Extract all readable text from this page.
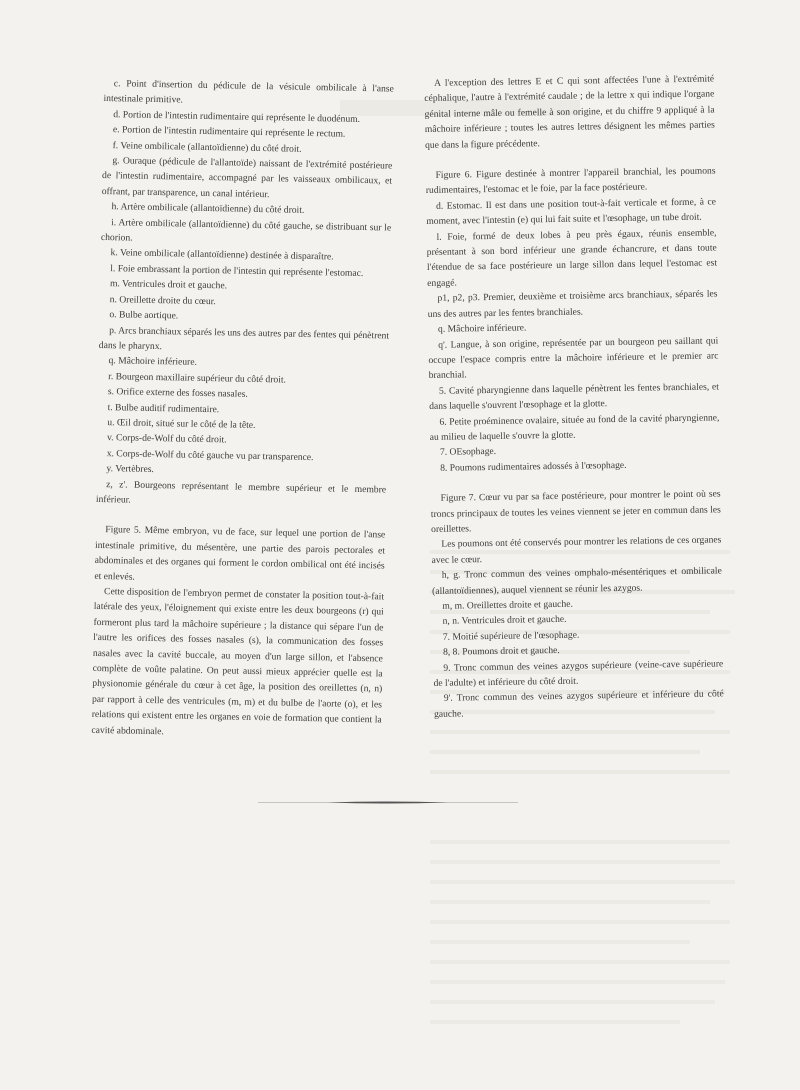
c. Point d'insertion du pédicule de la vésicule ombilicale à l'anse intestinale primitive.

d. Portion de l'intestin rudimentaire qui représente le duodénum.

e. Portion de l'intestin rudimentaire qui représente le rectum.

f. Veine ombilicale (allantoïdienne) du côté droit.

g. Ouraque (pédicule de l'allantoïde) naissant de l'extrémité postérieure de l'intestin rudimentaire, accompagné par les vaisseaux ombilicaux, et offrant, par transparence, un canal intérieur.

h. Artère ombilicale (allantoïdienne) du côté droit.

i. Artère ombilicale (allantoïdienne) du côté gauche, se distribuant sur le chorion.

k. Veine ombilicale (allantoïdienne) destinée à disparaître.

l. Foie embrassant la portion de l'intestin qui représente l'estomac.

m. Ventricules droit et gauche.

n. Oreillette droite du cœur.

o. Bulbe aortique.

p. Arcs branchiaux séparés les uns des autres par des fentes qui pénètrent dans le pharynx.

q. Mâchoire inférieure.

r. Bourgeon maxillaire supérieur du côté droit.

s. Orifice externe des fosses nasales.

t. Bulbe auditif rudimentaire.

u. Œil droit, situé sur le côté de la tête.

v. Corps-de-Wolf du côté droit.

x. Corps-de-Wolf du côté gauche vu par transparence.

y. Vertèbres.

z, z'. Bourgeons représentant le membre supérieur et le membre inférieur.

Figure 5. Même embryon, vu de face, sur lequel une portion de l'anse intestinale primitive, du mésentère, une partie des parois pectorales et abdominales et des organes qui forment le cordon ombilical ont été incisés et enlevés.

Cette disposition de l'embryon permet de constater la position tout-à-fait latérale des yeux, l'éloignement qui existe entre les deux bourgeons (r) qui formeront plus tard la mâchoire supérieure ; la distance qui sépare l'un de l'autre les orifices des fosses nasales (s), la communication des fosses nasales avec la cavité buccale, au moyen d'un large sillon, et l'absence complète de voûte palatine. On peut aussi mieux apprécier quelle est la physionomie générale du cœur à cet âge, la position des oreillettes (n, n) par rapport à celle des ventricules (m, m) et du bulbe de l'aorte (o), et les relations qui existent entre les organes en voie de formation que contient la cavité abdominale.

A l'exception des lettres E et C qui sont affectées l'une à l'extrémité céphalique, l'autre à l'extrémité caudale ; de la lettre x qui indique l'organe génital interne mâle ou femelle à son origine, et du chiffre 9 appliqué à la mâchoire inférieure ; toutes les autres lettres désignent les mêmes parties que dans la figure précédente.

Figure 6. Figure destinée à montrer l'appareil branchial, les poumons rudimentaires, l'estomac et le foie, par la face postérieure.

d. Estomac. Il est dans une position tout-à-fait verticale et forme, à ce moment, avec l'intestin (e) qui lui fait suite et l'œsophage, un tube droit.

l. Foie, formé de deux lobes à peu près égaux, réunis ensemble, présentant à son bord inférieur une grande échancrure, et dans toute l'étendue de sa face postérieure un large sillon dans lequel l'estomac est engagé.

p1, p2, p3. Premier, deuxième et troisième arcs branchiaux, séparés les uns des autres par les fentes branchiales.

q. Mâchoire inférieure.

q'. Langue, à son origine, représentée par un bourgeon peu saillant qui occupe l'espace compris entre la mâchoire inférieure et le premier arc branchial.

5. Cavité pharyngienne dans laquelle pénètrent les fentes branchiales, et dans laquelle s'ouvrent l'œsophage et la glotte.

6. Petite proéminence ovalaire, située au fond de la cavité pharyngienne, au milieu de laquelle s'ouvre la glotte.

7. OEsophage.

8. Poumons rudimentaires adossés à l'œsophage.

Figure 7. Cœur vu par sa face postérieure, pour montrer le point où ses troncs principaux de toutes les veines viennent se jeter en commun dans les oreillettes.

Les poumons ont été conservés pour montrer les relations de ces organes avec le cœur.

h, g. Tronc commun des veines omphalo-mésentériques et ombilicale (allantoïdiennes), auquel viennent se réunir les azygos.

m, m. Oreillettes droite et gauche.

n, n. Ventricules droit et gauche.

7. Moitié supérieure de l'œsophage.

8, 8. Poumons droit et gauche.

9. Tronc commun des veines azygos supérieure (veine-cave supérieure de l'adulte) et inférieure du côté droit.

9'. Tronc commun des veines azygos supérieure et inférieure du côté gauche.
